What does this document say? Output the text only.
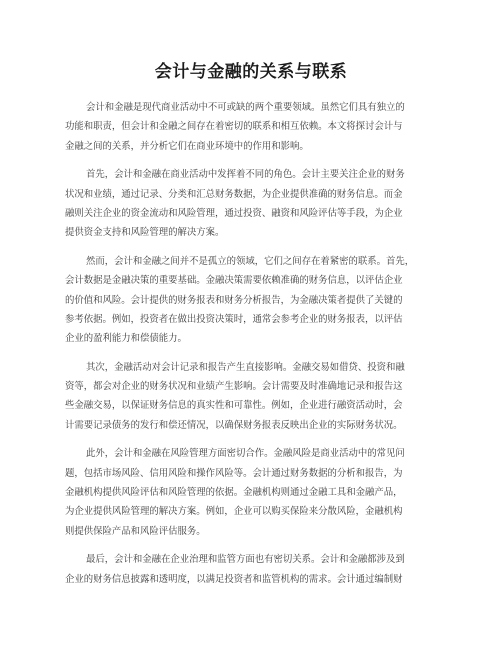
会计与金融的关系与联系
会计和金融是现代商业活动中不可或缺的两个重要领域。虽然它们具有独立的
功能和职责，但会计和金融之间存在着密切的联系和相互依赖。本文将探讨会计与
金融之间的关系，并分析它们在商业环境中的作用和影响。
首先，会计和金融在商业活动中发挥着不同的角色。会计主要关注企业的财务
状况和业绩，通过记录、分类和汇总财务数据，为企业提供准确的财务信息。而金
融则关注企业的资金流动和风险管理，通过投资、融资和风险评估等手段，为企业
提供资金支持和风险管理的解决方案。
然而，会计和金融之间并不是孤立的领域，它们之间存在着紧密的联系。首先，
会计数据是金融决策的重要基础。金融决策需要依赖准确的财务信息，以评估企业
的价值和风险。会计提供的财务报表和财务分析报告，为金融决策者提供了关键的
参考依据。例如，投资者在做出投资决策时，通常会参考企业的财务报表，以评估
企业的盈利能力和偿债能力。
其次，金融活动对会计记录和报告产生直接影响。金融交易如借贷、投资和融
资等，都会对企业的财务状况和业绩产生影响。会计需要及时准确地记录和报告这
些金融交易，以保证财务信息的真实性和可靠性。例如，企业进行融资活动时，会
计需要记录债务的发行和偿还情况，以确保财务报表反映出企业的实际财务状况。
此外，会计和金融在风险管理方面密切合作。金融风险是商业活动中的常见问
题，包括市场风险、信用风险和操作风险等。会计通过财务数据的分析和报告，为
金融机构提供风险评估和风险管理的依据。金融机构则通过金融工具和金融产品，
为企业提供风险管理的解决方案。例如，企业可以购买保险来分散风险，金融机构
则提供保险产品和风险评估服务。
最后，会计和金融在企业治理和监管方面也有密切关系。会计和金融都涉及到
企业的财务信息披露和透明度，以满足投资者和监管机构的需求。会计通过编制财
